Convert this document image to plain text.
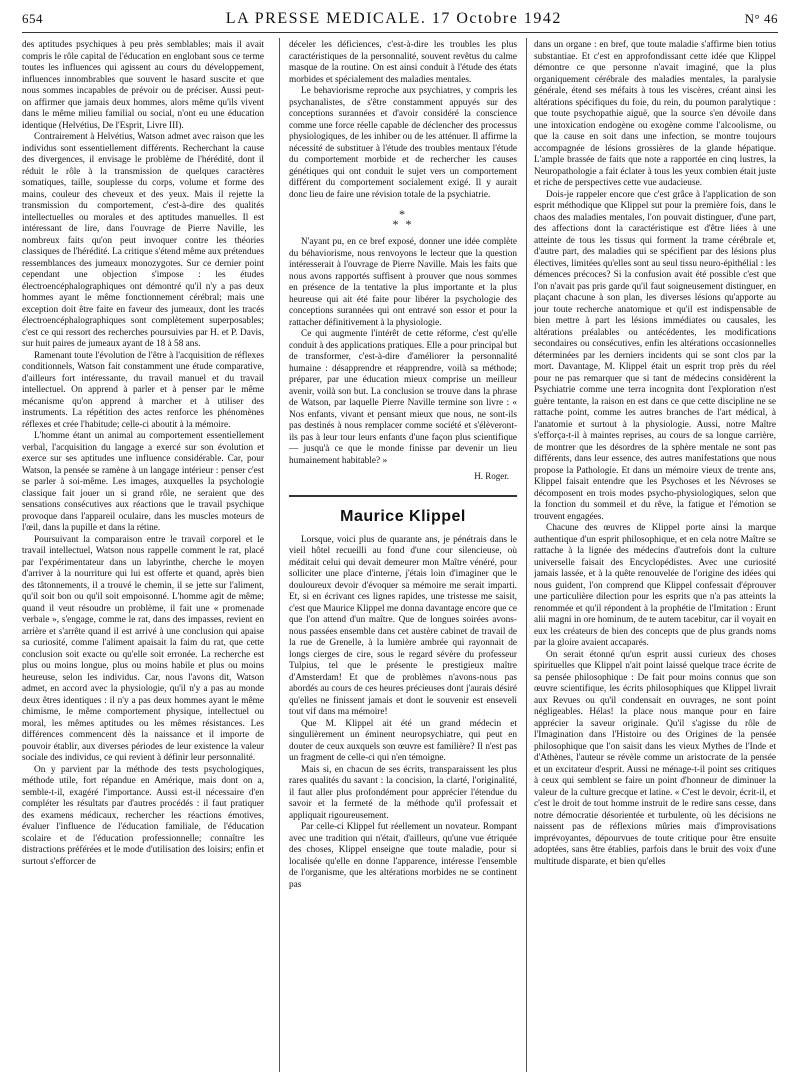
654	LA PRESSE MEDICALE. 17 Octobre 1942	N° 46

des aptitudes psychiques à peu près semblables; mais il avait compris le rôle capital de l'éducation en englobant sous ce terme toutes les influences qui agissent au cours du développement, influences innombrables que souvent le hasard suscite et que nous sommes incapables de prévoir ou de préciser. Aussi peut-on affirmer que jamais deux hommes, alors même qu'ils vivent dans le même milieu familial ou social, n'ont eu une éducation identique (Helvétius, De l'Esprit, Livre III).

Contrairement à Helvétius, Watson admet avec raison que les individus sont essentiellement différents. Recherchant la cause des divergences, il envisage le problème de l'hérédité, dont il réduit le rôle à la transmission de quelques caractères somatiques, taille, souplesse du corps, volume et forme des mains, couleur des cheveux et des yeux. Mais il rejette la transmission du comportement, c'est-à-dire des qualités intellectuelles ou morales et des aptitudes manuelles. Il est intéressant de lire, dans l'ouvrage de Pierre Naville, les nombreux faits qu'on peut invoquer contre les théories classiques de l'hérédité. La critique s'étend même aux prétendues ressemblances des jumeaux monozygotes. Sur ce dernier point cependant une objection s'impose : les études électroencéphalographiques ont démontré qu'il n'y a pas deux hommes ayant le même fonctionnement cérébral; mais une exception doit être faite en faveur des jumeaux, dont les tracés électroencéphalographiques sont complètement superposables; c'est ce qui ressort des recherches poursuivies par H. et P. Davis, sur huit paires de jumeaux ayant de 18 à 58 ans.

Ramenant toute l'évolution de l'être à l'acquisition de réflexes conditionnels, Watson fait constamment une étude comparative, d'ailleurs fort intéressante, du travail manuel et du travail intellectuel. On apprend à parler et à penser par le même mécanisme qu'on apprend à marcher et à utiliser des instruments. La répétition des actes renforce les phénomènes réflexes et crée l'habitude; celle-ci aboutit à la mémoire.

L'homme étant un animal au comportement essentiellement verbal, l'acquisition du langage a exercé sur son évolution et exerce sur ses aptitudes une influence considérable. Car, pour Watson, la pensée se ramène à un langage intérieur : penser c'est se parler à soi-même. Les images, auxquelles la psychologie classique fait jouer un si grand rôle, ne seraient que des sensations consécutives aux réactions que le travail psychique provoque dans l'appareil oculaire, dans les muscles moteurs de l'œil, dans la pupille et dans la rétine.

Poursuivant la comparaison entre le travail corporel et le travail intellectuel, Watson nous rappelle comment le rat, placé par l'expérimentateur dans un labyrinthe, cherche le moyen d'arriver à la nourriture qui lui est offerte et quand, après bien des tâtonnements, il a trouvé le chemin, il se jette sur l'aliment, qu'il soit bon ou qu'il soit empoisonné. L'homme agit de même; quand il veut résoudre un problème, il fait une « promenade verbale », s'engage, comme le rat, dans des impasses, revient en arrière et s'arrête quand il est arrivé à une conclusion qui apaise sa curiosité, comme l'aliment apaisait la faim du rat, que cette conclusion soit exacte ou qu'elle soit erronée. La recherche est plus ou moins longue, plus ou moins habile et plus ou moins heureuse, selon les individus. Car, nous l'avons dit, Watson admet, en accord avec la physiologie, qu'il n'y a pas au monde deux êtres identiques : il n'y a pas deux hommes ayant le même chimisme, le même comportement physique, intellectuel ou moral, les mêmes aptitudes ou les mêmes résistances. Les différences commencent dès la naissance et il importe de pouvoir établir, aux diverses périodes de leur existence la valeur sociale des individus, ce qui revient à définir leur personnalité.

On y parvient par la méthode des tests psychologiques, méthode utile, fort répandue en Amérique, mais dont on a, semble-t-il, exagéré l'importance. Aussi est-il nécessaire d'en compléter les résultats par d'autres procédés : il faut pratiquer des examens médicaux, rechercher les réactions émotives, évaluer l'influence de l'éducation familiale, de l'éducation scolaire et de l'éducation professionnelle; connaître les distractions préférées et le mode d'utilisation des loisirs; enfin et surtout s'efforcer de

déceler les déficiences, c'est-à-dire les troubles les plus caractéristiques de la personnalité, souvent revêtus du calme masque de la routine. On est ainsi conduit à l'étude des états morbides et spécialement des maladies mentales.

Le behaviorisme reproche aux psychiatres, y compris les psychanalistes, de s'être constamment appuyés sur des conceptions surannées et d'avoir considéré la conscience comme une force réelle capable de déclencher des processus physiologiques, de les inhiber ou de les atténuer. Il affirme la nécessité de substituer à l'étude des troubles mentaux l'étude du comportement morbide et de rechercher les causes génétiques qui ont conduit le sujet vers un comportement différent du comportement socialement exigé. Il y aurait donc lieu de faire une révision totale de la psychiatrie.

*
* *

N'ayant pu, en ce bref exposé, donner une idée complète du béhaviorisme, nous renvoyons le lecteur que la question intéresserait à l'ouvrage de Pierre Naville. Mais les faits que nous avons rapportés suffisent à prouver que nous sommes en présence de la tentative la plus importante et la plus heureuse qui ait été faite pour libérer la psychologie des conceptions surannées qui ont entravé son essor et pour la rattacher définitivement à la physiologie.

Ce qui augmente l'intérêt de cette réforme, c'est qu'elle conduit à des applications pratiques. Elle a pour principal but de transformer, c'est-à-dire d'améliorer la personnalité humaine : désapprendre et réapprendre, voilà sa méthode; préparer, par une éducation mieux comprise un meilleur avenir, voilà son but. La conclusion se trouve dans la phrase de Watson, par laquelle Pierre Naville termine son livre : « Nos enfants, vivant et pensant mieux que nous, ne sont-ils pas destinés à nous remplacer comme société et s'élèveront-ils pas à leur tour leurs enfants d'une façon plus scientifique — jusqu'à ce que le monde finisse par devenir un lieu humainement habitable? »

H. Roger.
Maurice Klippel

Lorsque, voici plus de quarante ans, je pénétrais dans le vieil hôtel recueilli au fond d'une cour silencieuse, où méditait celui qui devait demeurer mon Maître vénéré, pour solliciter une place d'interne, j'étais loin d'imaginer que le douloureux devoir d'évoquer sa mémoire me serait imparti. Et, si en écrivant ces lignes rapides, une tristesse me saisit, c'est que Maurice Klippel me donna davantage encore que ce que l'on attend d'un maître. Que de longues soirées avons-nous passées ensemble dans cet austère cabinet de travail de la rue de Grenelle, à la lumière ambrée qui rayonnait de longs cierges de cire, sous le regard sévère du professeur Tulpius, tel que le présente le prestigieux maître d'Amsterdam! Et que de problèmes n'avons-nous pas abordés au cours de ces heures précieuses dont j'aurais désiré qu'elles ne finissent jamais et dont le souvenir est enseveli tout vif dans ma mémoire!

Que M. Klippel ait été un grand médecin et singulièrement un éminent neuropsychiatre, qui peut en douter de ceux auxquels son œuvre est familière? Il n'est pas un fragment de celle-ci qui n'en témoigne.

Mais si, en chacun de ses écrits, transparaissent les plus rares qualités du savant : la concision, la clarté, l'originalité, il faut aller plus profondément pour apprécier l'étendue du savoir et la fermeté de la méthode qu'il professait et appliquait rigoureusement.

Par celle-ci Klippel fut réellement un novateur. Rompant avec une tradition qui n'était, d'ailleurs, qu'une vue étriquée des choses, Klippel enseigne que toute maladie, pour si localisée qu'elle en donne l'apparence, intéresse l'ensemble de l'organisme, que les altérations morbides ne se continent pas

dans un organe : en bref, que toute maladie s'affirme bien totius substantiae. Et c'est en approfondissant cette idée que Klippel démontre ce que personne n'avait imaginé, que la plus organiquement cérébrale des maladies mentales, la paralysie générale, étend ses méfaits à tous les viscères, créant ainsi les altérations spécifiques du foie, du rein, du poumon paralytique : que toute psychopathie aiguë, que la source s'en dévoile dans une intoxication endogène ou exogène comme l'alcoolisme, ou que la cause en soit dans une infection, se montre toujours accompagnée de lésions grossières de la glande hépatique. L'ample brassée de faits que note a rapportée en cinq lustres, la Neuropathologie a fait éclater à tous les yeux combien était juste et riche de perspectives cette vue audacieuse.

Dois-je rappeler encore que c'est grâce à l'application de son esprit méthodique que Klippel sut pour la première fois, dans le chaos des maladies mentales, l'on pouvait distinguer, d'une part, des affections dont la caractéristique est d'être liées à une atteinte de tous les tissus qui forment la trame cérébrale et, d'autre part, des maladies qui se spécifient par des lésions plus électives, limitées qu'elles sont au seul tissu neuro-épithélial : les démences précoces? Si la confusion avait été possible c'est que l'on n'avait pas pris garde qu'il faut soigneusement distinguer, en plaçant chacune à son plan, les diverses lésions qu'apporte au jour toute recherche anatomique et qu'il est indispensable de bien mettre à part les lésions immédiates ou causales, les altérations préalables ou antécédentes, les modifications secondaires ou consécutives, enfin les altérations occasionnelles déterminées par les derniers incidents qui se sont clos par la mort. Davantage, M. Klippel était un esprit trop près du réel pour ne pas remarquer que si tant de médecins considèrent la Psychiatrie comme une terra incognita dont l'exploration n'est guère tentante, la raison en est dans ce que cette discipline ne se rattache point, comme les autres branches de l'art médical, à l'anatomie et surtout à la physiologie. Aussi, notre Maître s'efforça-t-il à maintes reprises, au cours de sa longue carrière, de montrer que les désordres de la sphère mentale ne sont pas différents, dans leur essence, des autres manifestations que nous propose la Pathologie. Et dans un mémoire vieux de trente ans, Klippel faisait entendre que les Psychoses et les Névroses se décomposent en trois modes psycho-physiologiques, selon que la fonction du sommeil et du rêve, la fatigue et l'émotion se trouvent engagées.

Chacune des œuvres de Klippel porte ainsi la marque authentique d'un esprit philosophique, et en cela notre Maître se rattache à la lignée des médecins d'autrefois dont la culture universelle faisait des Encyclopédistes. Avec une curiosité jamais lassée, et à la quête renouvelée de l'origine des idées qui nous guident, l'on comprend que Klippel confessait d'éprouver une particulière dilection pour les esprits que n'a pas atteints la renommée et qu'il répondent à la prophétie de l'Imitation : Erunt alii magni in ore hominum, de te autem tacebitur, car il voyait en eux les créateurs de bien des concepts que de plus grands noms par la gloire avaient accaparés.

On serait étonné qu'un esprit aussi curieux des choses spirituelles que Klippel n'ait point laissé quelque trace écrite de sa pensée philosophique : De fait pour moins connus que son œuvre scientifique, les écrits philosophiques que Klippel livrait aux Revues ou qu'il condensait en ouvrages, ne sont point négligeables. Hélas! la place nous manque pour en faire apprécier la saveur originale. Qu'il s'agisse du rôle de l'Imagination dans l'Histoire ou des Origines de la pensée philosophique que l'on saisit dans les vieux Mythes de l'Inde et d'Athènes, l'auteur se révèle comme un aristocrate de la pensée et un excitateur d'esprit. Aussi ne ménage-t-il point ses critiques à ceux qui semblent se faire un point d'honneur de diminuer la valeur de la culture grecque et latine. « C'est le devoir, écrit-il, et c'est le droit de tout homme instruit de le redire sans cesse, dans notre démocratie désorientée et turbulente, où les décisions ne naissent pas de réflexions mûries mais d'improvisations imprévoyantes, dépourvues de toute critique pour être ensuite adoptées, sans être établies, parfois dans le bruit des voix d'une multitude disparate, et bien qu'elles
